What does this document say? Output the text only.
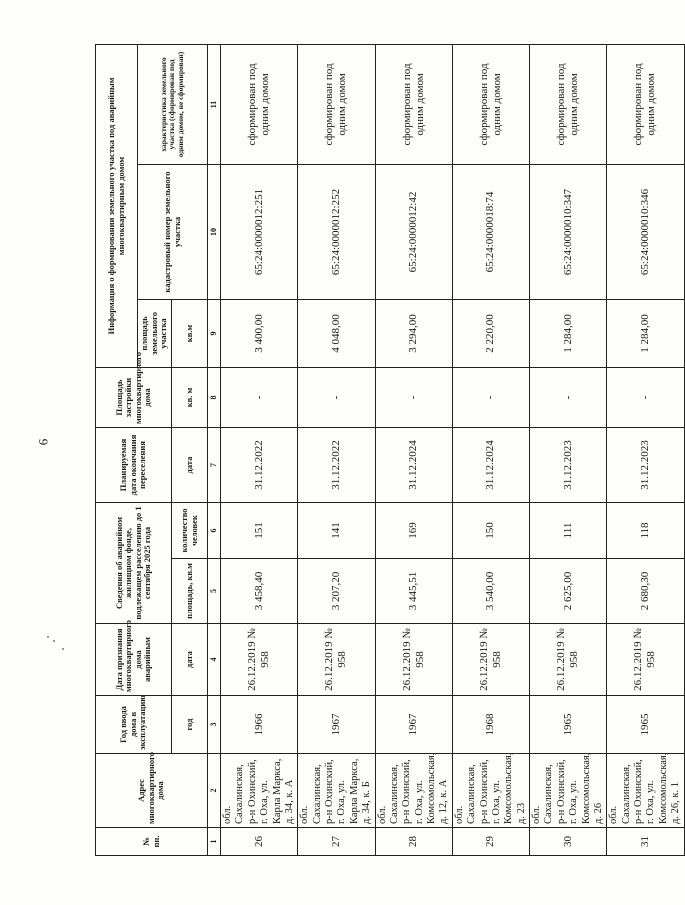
6
№ пп.	Адрес многоквартирного дома	Год ввода дома в эксплуатацию	Дата признания многоквартирного дома аварийным	Сведения об аварийном жилищном фонде, подлежащем расселению до 1 сентября 2025 года		Планируемая дата окончания переселения	Площадь застройки многоквартирного дома	Информация о формировании земельного участка под аварийным многоквартирным домом		
								площадь земельного участка	кадастровый номер земельного участка	характеристика земельного участка (сформирован под одним домом, не сформирован)
		год	дата	площадь, кв.м	количество человек	дата	кв. м	кв.м		
1	2	3	4	5	6	7	8	9	10	11
26	обл. Сахалинская, р-н Охинский, г. Оха, ул. Карла Маркса, д. 34, к. А	1966	26.12.2019 № 958	3 458,40	151	31.12.2022	-	3 400,00	65:24:0000012:251	сформирован под одним домом
27	обл. Сахалинская, р-н Охинский, г. Оха, ул. Карла Маркса, д. 34, к. Б	1967	26.12.2019 № 958	3 207,20	141	31.12.2022	-	4 048,00	65:24:0000012:252	сформирован под одним домом
28	обл. Сахалинская, р-н Охинский, г. Оха, ул. Комсомольская, д. 12, к. А	1967	26.12.2019 № 958	3 445,51	169	31.12.2024	-	3 294,00	65:24:0000012:42	сформирован под одним домом
29	обл. Сахалинская, р-н Охинский, г. Оха, ул. Комсомольская, д. 23	1968	26.12.2019 № 958	3 540,00	150	31.12.2024	-	2 220,00	65:24:0000018:74	сформирован под одним домом
30	обл. Сахалинская, р-н Охинский, г. Оха, ул. Комсомольская, д. 26	1965	26.12.2019 № 958	2 625,00	111	31.12.2023	-	1 284,00	65:24:0000010:347	сформирован под одним домом
31	обл. Сахалинская, р-н Охинский, г. Оха, ул. Комсомольская, д. 26, к. 1	1965	26.12.2019 № 958	2 680,30	118	31.12.2023	-	1 284,00	65:24:0000010:346	сформирован под одним домом
